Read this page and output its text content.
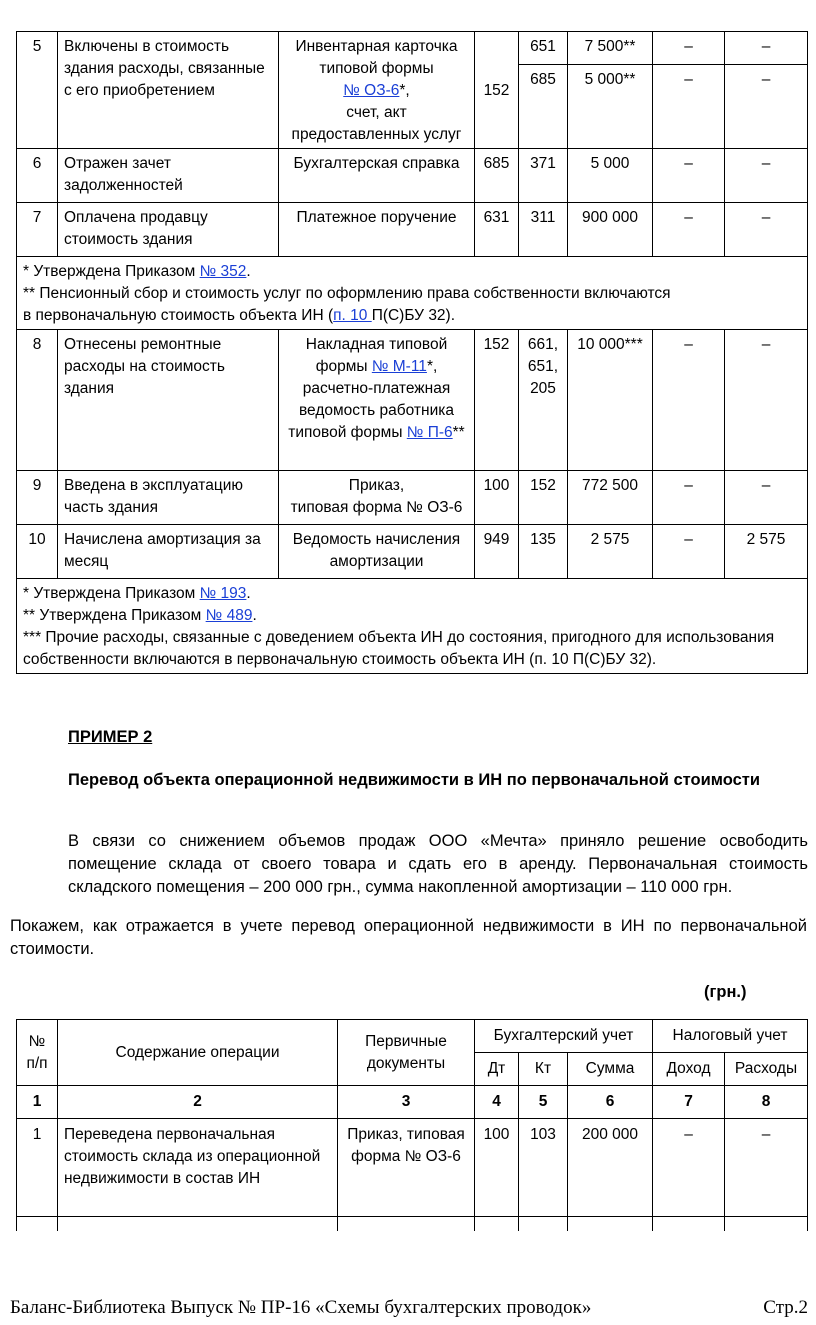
5	Включены в стоимость здания расходы, связанные с его приобретением	Инвентарная карточка типовой формы
№ ОЗ-6*,
счет, акт предоставленных услуг	152	651	7 500**	–	–
				685	5 000**	–	–
6	Отражен зачет задолженностей	Бухгалтерская справка	685	371	5 000	–	–
7	Оплачена продавцу стоимость здания	Платежное поручение	631	311	900 000	–	–
* Утверждена Приказом № 352.
** Пенсионный сбор и стоимость услуг по оформлению права собственности включаются
в первоначальную стоимость объекта ИН (п. 10 П(С)БУ 32).							
8	Отнесены ремонтные расходы на стоимость здания	Накладная типовой формы № М-11*, расчетно-платежная ведомость работника типовой формы № П-6**	152	661, 651, 205	10 000***	–	–
9	Введена в эксплуатацию часть здания	Приказ,
типовая форма № ОЗ-6	100	152	772 500	–	–
10	Начислена амортизация за месяц	Ведомость начисления амортизации	949	135	2 575	–	2 575
* Утверждена Приказом № 193.
** Утверждена Приказом № 489.
*** Прочие расходы, связанные с доведением объекта ИН до состояния, пригодного для использования собственности включаются в первоначальную стоимость объекта ИН (п. 10 П(С)БУ 32).							
ПРИМЕР 2
Перевод объекта операционной недвижимости в ИН по первоначальной стоимости
В связи со снижением объемов продаж ООО «Мечта» приняло решение освободить помещение склада от своего товара и сдать его в аренду. Первоначальная стоимость складского помещения – 200 000 грн., сумма накопленной амортизации – 110 000 грн.
Покажем, как отражается в учете перевод операционной недвижимости в ИН по первоначальной стоимости.
(грн.)
№ п/п	Содержание операции	Первичные документы	Бухгалтерский учет			Налоговый учет	
			Дт	Кт	Сумма	Доход	Расходы
1	2	3	4	5	6	7	8
1	Переведена первоначальная стоимость склада из операционной недвижимости в состав ИН	Приказ, типовая форма № ОЗ-6	100	103	200 000	–	–

Баланс-Библиотека Выпуск № ПР-16 «Схемы бухгалтерских проводок»	Стр.2
